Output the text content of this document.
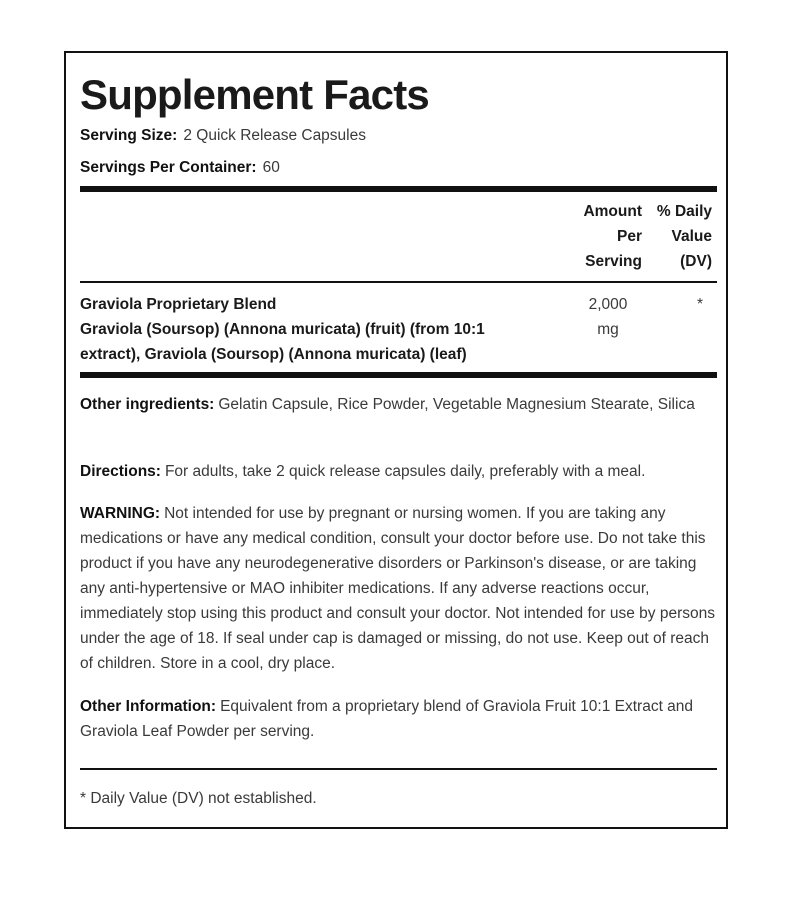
Supplement Facts
Serving Size: 2 Quick Release Capsules
Servings Per Container: 60
Amount
Per
Serving
% Daily
Value
(DV)
Graviola Proprietary Blend
Graviola (Soursop) (Annona muricata) (fruit) (from 10:1
extract), Graviola (Soursop) (Annona muricata) (leaf)
2,000
mg
*

Other ingredients: Gelatin Capsule, Rice Powder, Vegetable Magnesium Stearate, Silica

Directions: For adults, take 2 quick release capsules daily, preferably with a meal.

WARNING: Not intended for use by pregnant or nursing women. If you are taking any medications or have any medical condition, consult your doctor before use. Do not take this product if you have any neurodegenerative disorders or Parkinson's disease, or are taking any anti-hypertensive or MAO inhibiter medications. If any adverse reactions occur, immediately stop using this product and consult your doctor. Not intended for use by persons under the age of 18. If seal under cap is damaged or missing, do not use. Keep out of reach of children. Store in a cool, dry place.

Other Information: Equivalent from a proprietary blend of Graviola Fruit 10:1 Extract and Graviola Leaf Powder per serving.

* Daily Value (DV) not established.
